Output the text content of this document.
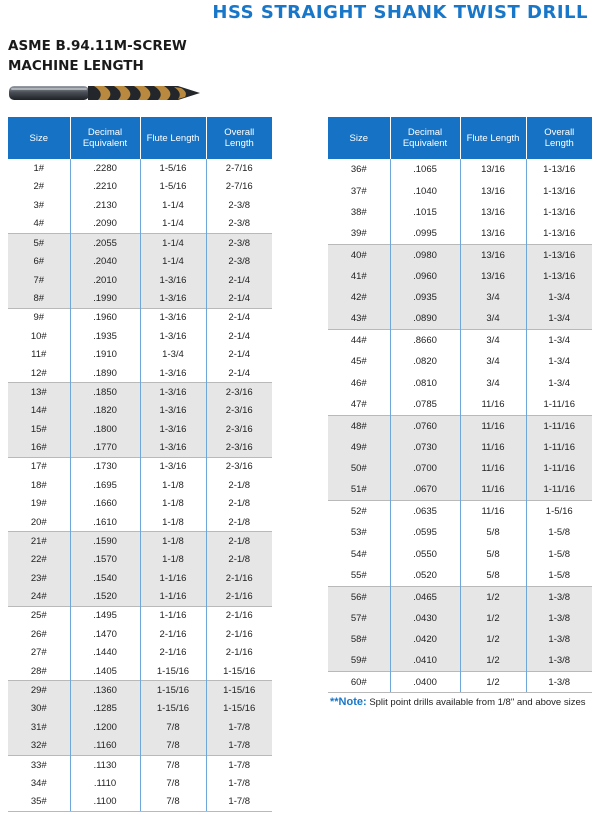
HSS STRAIGHT SHANK TWIST DRILL
ASME B.94.11M-SCREW
MACHINE LENGTH
Size	Decimal Equivalent	Flute Length	Overall Length
1#	.2280	1-5/16	2-7/16
2#	.2210	1-5/16	2-7/16
3#	.2130	1-1/4	2-3/8
4#	.2090	1-1/4	2-3/8
5#	.2055	1-1/4	2-3/8
6#	.2040	1-1/4	2-3/8
7#	.2010	1-3/16	2-1/4
8#	.1990	1-3/16	2-1/4
9#	.1960	1-3/16	2-1/4
10#	.1935	1-3/16	2-1/4
11#	.1910	1-3/4	2-1/4
12#	.1890	1-3/16	2-1/4
13#	.1850	1-3/16	2-3/16
14#	.1820	1-3/16	2-3/16
15#	.1800	1-3/16	2-3/16
16#	.1770	1-3/16	2-3/16
17#	.1730	1-3/16	2-3/16
18#	.1695	1-1/8	2-1/8
19#	.1660	1-1/8	2-1/8
20#	.1610	1-1/8	2-1/8
21#	.1590	1-1/8	2-1/8
22#	.1570	1-1/8	2-1/8
23#	.1540	1-1/16	2-1/16
24#	.1520	1-1/16	2-1/16
25#	.1495	1-1/16	2-1/16
26#	.1470	2-1/16	2-1/16
27#	.1440	2-1/16	2-1/16
28#	.1405	1-15/16	1-15/16
29#	.1360	1-15/16	1-15/16
30#	.1285	1-15/16	1-15/16
31#	.1200	7/8	1-7/8
32#	.1160	7/8	1-7/8
33#	.1130	7/8	1-7/8
34#	.1110	7/8	1-7/8
35#	.1100	7/8	1-7/8
Size	Decimal Equivalent	Flute Length	Overall Length
36#	.1065	13/16	1-13/16
37#	.1040	13/16	1-13/16
38#	.1015	13/16	1-13/16
39#	.0995	13/16	1-13/16
40#	.0980	13/16	1-13/16
41#	.0960	13/16	1-13/16
42#	.0935	3/4	1-3/4
43#	.0890	3/4	1-3/4
44#	.8660	3/4	1-3/4
45#	.0820	3/4	1-3/4
46#	.0810	3/4	1-3/4
47#	.0785	11/16	1-11/16
48#	.0760	11/16	1-11/16
49#	.0730	11/16	1-11/16
50#	.0700	11/16	1-11/16
51#	.0670	11/16	1-11/16
52#	.0635	11/16	1-5/16
53#	.0595	5/8	1-5/8
54#	.0550	5/8	1-5/8
55#	.0520	5/8	1-5/8
56#	.0465	1/2	1-3/8
57#	.0430	1/2	1-3/8
58#	.0420	1/2	1-3/8
59#	.0410	1/2	1-3/8
60#	.0400	1/2	1-3/8
**Note: Split point drills available from 1/8" and above sizes
